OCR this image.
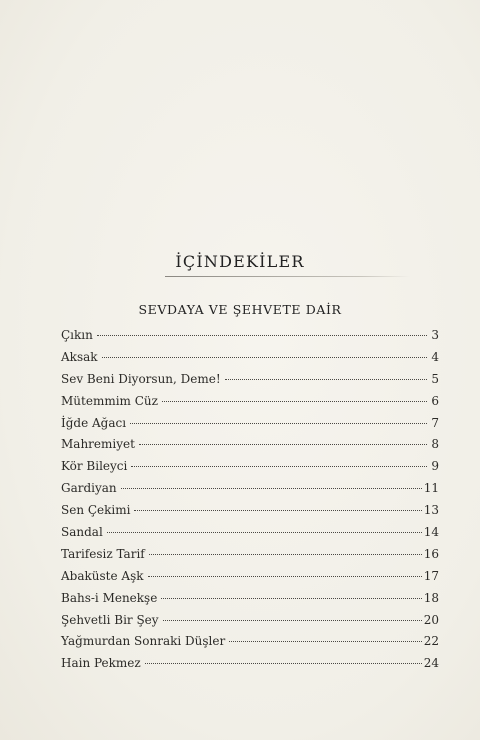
İÇİNDEKİLER
SEVDAYA VE ŞEHVETE DAİR
Çıkın	3
Aksak	4
Sev Beni Diyorsun, Deme!	5
Mütemmim Cüz	6
İğde Ağacı	7
Mahremiyet	8
Kör Bileyci	9
Gardiyan	11
Sen Çekimi	13
Sandal	14
Tarifesiz Tarif	16
Abaküste Aşk	17
Bahs-i Menekşe	18
Şehvetli Bir Şey	20
Yağmurdan Sonraki Düşler	22
Hain Pekmez	24
